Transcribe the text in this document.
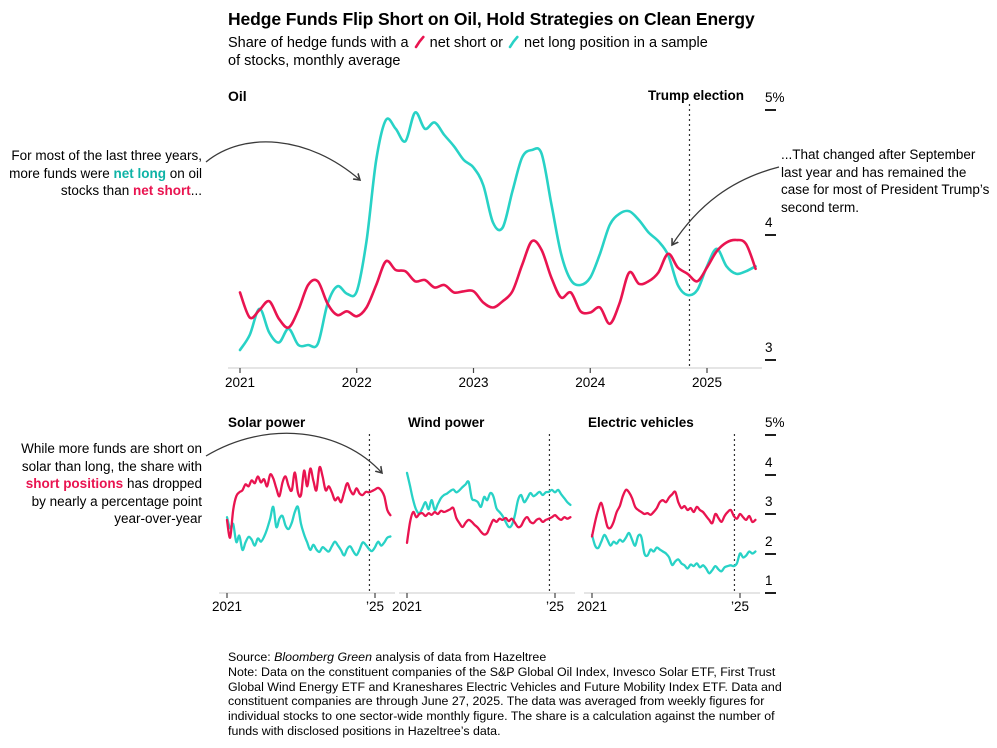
Hedge Funds Flip Short on Oil, Hold Strategies on Clean Energy
Share of hedge funds with a net short or net long position in a sample
of stocks, monthly average
Oil	Trump election
Solar power	Wind power	Electric vehicles
For most of the last three years, more funds were net long on oil stocks than net short...
...That changed after September last year and has remained the case for most of President Trump’s second term.
While more funds are short on solar than long, the share with short positions has dropped by nearly a percentage point year-over-year
Source: Bloomberg Green analysis of data from Hazeltree
Note: Data on the constituent companies of the S&P Global Oil Index, Invesco Solar ETF, First Trust Global Wind Energy ETF and Kraneshares Electric Vehicles and Future Mobility Index ETF. Data and constituent companies are through June 27, 2025. The data was averaged from weekly figures for individual stocks to one sector-wide monthly figure. The share is a calculation against the number of funds with disclosed positions in Hazeltree’s data.
2021	2022	2023	2024	2025
5%
4
3
2021	’25 2021	’25 2021	’25
5%
4
3
2
1
